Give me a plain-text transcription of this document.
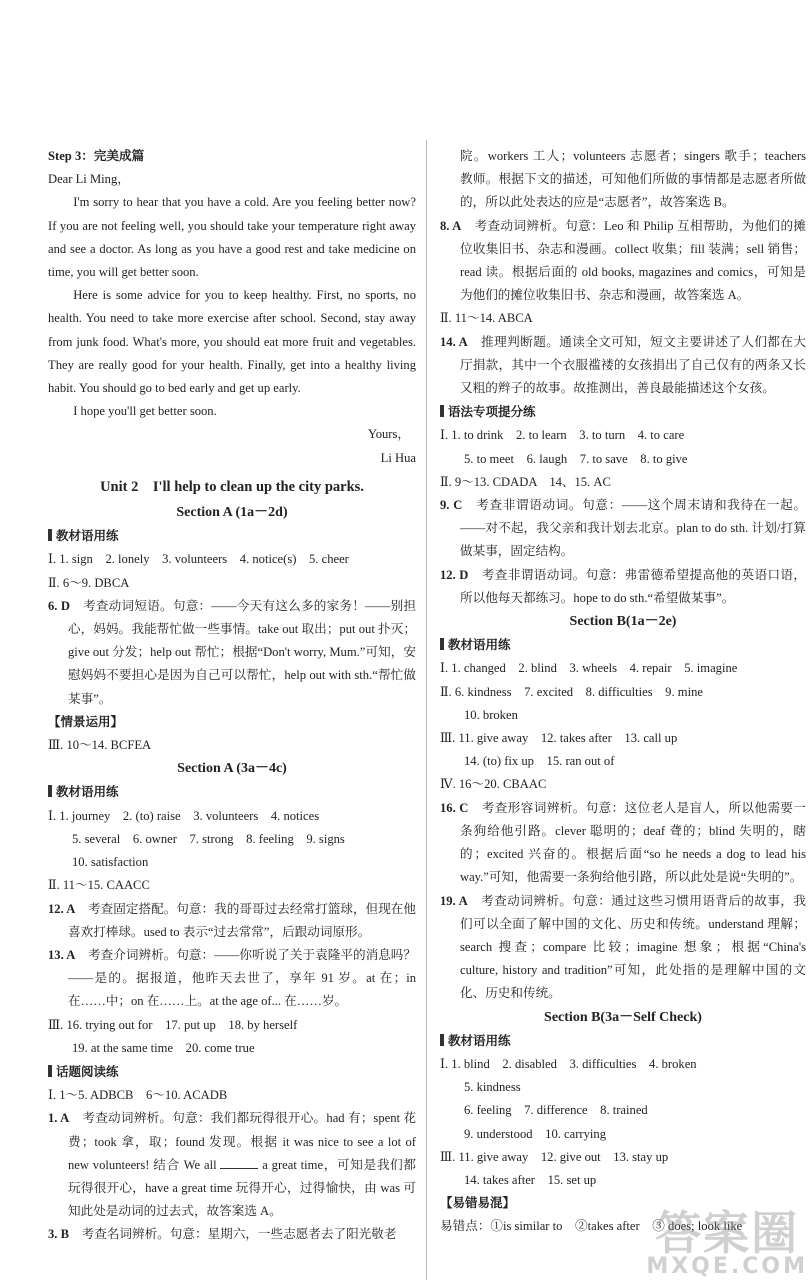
Step 3：完美成篇

Dear Li Ming，

I'm sorry to hear that you have a cold. Are you feeling better now? If you are not feeling well, you should take your temperature right away and see a doctor. As long as you have a good rest and take medicine on time, you will get better soon.

Here is some advice for you to keep healthy. First, no sports, no health. You need to take more exercise after school. Second, stay away from junk food. What's more, you should eat more fruit and vegetables. They are really good for your health. Finally, get into a healthy living habit. You should go to bed early and get up early.

I hope you'll get better soon.

Yours，

Li Hua

Unit 2　I'll help to clean up the city parks.

Section A (1a－2d)

教材语用练

Ⅰ. 1. sign　2. lonely　3. volunteers　4. notice(s)　5. cheer

Ⅱ. 6～9. DBCA

6. D　 考查动词短语。句意：——今天有这么多的家务！——别担心，妈妈。我能帮忙做一些事情。take out 取出；put out 扑灭；give out 分发；help out 帮忙；根据“Don't worry, Mum.”可知，安慰妈妈不要担心是因为自己可以帮忙，help out with sth.“帮忙做某事”。

【情景运用】

Ⅲ. 10～14. BCFEA

Section A (3a－4c)

教材语用练

Ⅰ. 1. journey　2. (to) raise　3. volunteers　4. notices

5. several　6. owner　7. strong　8. feeling　9. signs

10. satisfaction

Ⅱ. 11～15. CAACC

12. A　 考查固定搭配。句意：我的哥哥过去经常打篮球，但现在他喜欢打棒球。used to 表示“过去常常”，后跟动词原形。

13. A　 考查介词辨析。句意：——你听说了关于袁隆平的消息吗？——是的。据报道，他昨天去世了，享年 91 岁。at 在；in 在……中；on 在……上。at the age of... 在……岁。

Ⅲ. 16. trying out for　17. put up　18. by herself

19. at the same time　20. come true

话题阅读练

Ⅰ. 1～5. ADBCB　6～10. ACADB

1. A　 考查动词辨析。句意：我们都玩得很开心。had 有；spent 花费；took 拿，取；found 发现。根据 it was nice to see a lot of new volunteers! 结合 We all	a great time，可知是我们都玩得很开心，have a great time 玩得开心，过得愉快，由 was 可知此处是动词的过去式，故答案选 A。

3. B　 考查名词辨析。句意：星期六，一些志愿者去了阳光敬老

院。workers 工人；volunteers 志愿者；singers 歌手；teachers 教师。根据下文的描述，可知他们所做的事情都是志愿者所做的，所以此处表达的应是“志愿者”，故答案选 B。

8. A　 考查动词辨析。句意：Leo 和 Philip 互相帮助，为他们的摊位收集旧书、杂志和漫画。collect 收集；fill 装满；sell 销售；read 读。根据后面的 old books, magazines and comics，可知是为他们的摊位收集旧书、杂志和漫画，故答案选 A。

Ⅱ. 11～14. ABCA

14. A　 推理判断题。通读全文可知，短文主要讲述了人们都在大厅捐款，其中一个衣服褴褛的女孩捐出了自己仅有的两条又长又粗的辫子的故事。故推测出，善良最能描述这个女孩。

语法专项提分练

Ⅰ. 1. to drink　2. to learn　3. to turn　4. to care

5. to meet　6. laugh　7. to save　8. to give

Ⅱ. 9～13. CDADA　14、15. AC

9. C　 考查非谓语动词。句意：——这个周末请和我待在一起。——对不起，我父亲和我计划去北京。plan to do sth. 计划/打算做某事，固定结构。

12. D　 考查非谓语动词。句意：弗雷德希望提高他的英语口语，所以他每天都练习。hope to do sth.“希望做某事”。

Section B(1a－2e)

教材语用练

Ⅰ. 1. changed　2. blind　3. wheels　4. repair　5. imagine

Ⅱ. 6. kindness　7. excited　8. difficulties　9. mine

10. broken

Ⅲ. 11. give away　12. takes after　13. call up

14. (to) fix up　15. ran out of

Ⅳ. 16～20. CBAAC

16. C　 考查形容词辨析。句意：这位老人是盲人，所以他需要一条狗给他引路。clever 聪明的；deaf 聋的；blind 失明的，瞎的；excited 兴奋的。根据后面“so he needs a dog to lead his way.”可知，他需要一条狗给他引路，所以此处是说“失明的”。

19. A　 考查动词辨析。句意：通过这些习惯用语背后的故事，我们可以全面了解中国的文化、历史和传统。understand 理解；search 搜查；compare 比较；imagine 想象；根据“China's culture, history and tradition”可知，此处指的是理解中国的文化、历史和传统。

Section B(3a－Self Check)

教材语用练

Ⅰ. 1. blind　2. disabled　3. difficulties　4. broken

5. kindness

6. feeling　7. difference　8. trained

9. understood　10. carrying

Ⅲ. 11. give away　12. give out　13. stay up

14. takes after　15. set up

【易错易混】

易错点：①is similar to　②takes after　③ does; look like

答案圈
MXQE.COM
